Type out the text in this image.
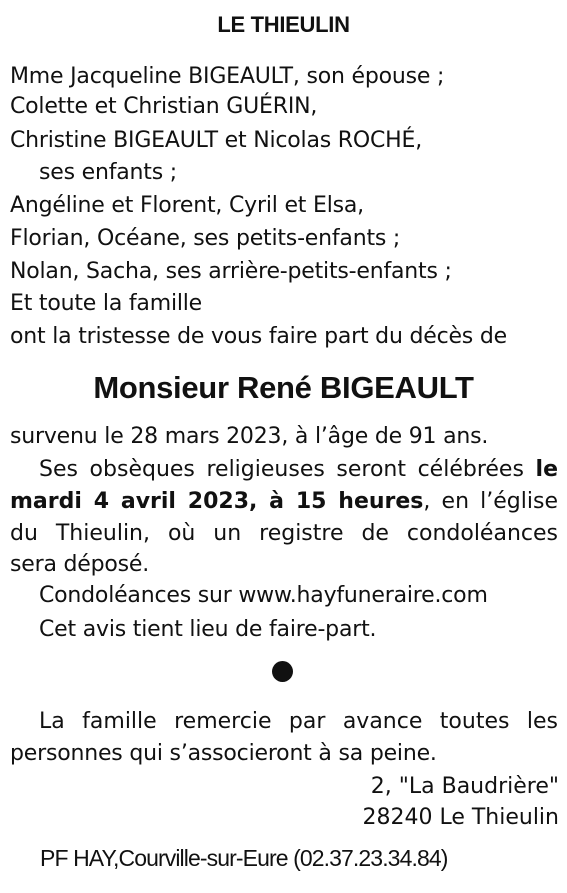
LE THIEULIN
Mme Jacqueline BIGEAULT, son épouse ;
Colette et Christian GUÉRIN,
Christine BIGEAULT et Nicolas ROCHÉ,
ses enfants ;
Angéline et Florent, Cyril et Elsa,
Florian, Océane, ses petits-enfants ;
Nolan, Sacha, ses arrière-petits-enfants ;
Et toute la famille
ont la tristesse de vous faire part du décès de
Monsieur René BIGEAULT
survenu le 28 mars 2023, à l’âge de 91 ans.
Ses obsèques religieuses seront célébrées le
mardi 4 avril 2023, à 15 heures, en l’église
du Thieulin, où un registre de condoléances
sera déposé.
Condoléances sur www.hayfuneraire.com
Cet avis tient lieu de faire-part.
La famille remercie par avance toutes les
personnes qui s’associeront à sa peine.
2, "La Baudrière"
28240 Le Thieulin
PF HAY,Courville-sur-Eure (02.37.23.34.84)
